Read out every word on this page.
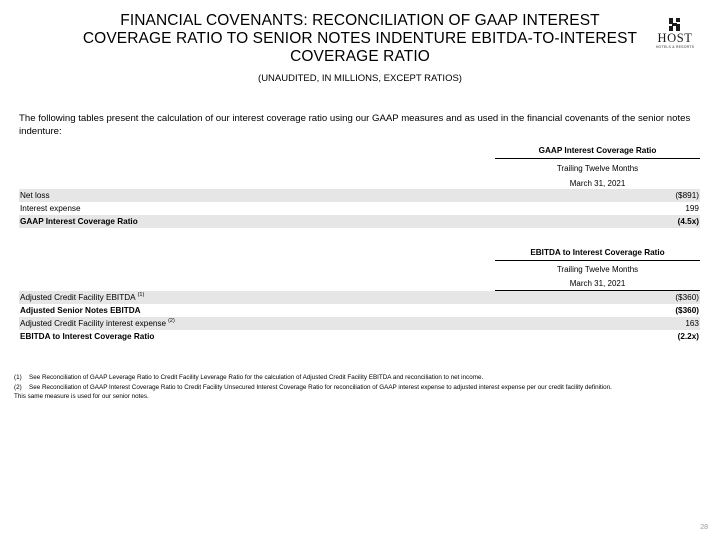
FINANCIAL COVENANTS: RECONCILIATION OF GAAP INTEREST COVERAGE RATIO TO SENIOR NOTES INDENTURE EBITDA-TO-INTEREST COVERAGE RATIO
(UNAUDITED, IN MILLIONS, EXCEPT RATIOS)
HOST
HOTELS & RESORTS
The following tables present the calculation of our interest coverage ratio using our GAAP measures and as used in the financial covenants of the senior notes indenture:
GAAP Interest Coverage Ratio
Trailing Twelve Months
March 31, 2021
Net loss	($891)
Interest expense	199
GAAP Interest Coverage Ratio	(4.5x)
EBITDA to Interest Coverage Ratio
Trailing Twelve Months
March 31, 2021
Adjusted Credit Facility EBITDA $^{(1)}$	($360)
Adjusted Senior Notes EBITDA	($360)
Adjusted Credit Facility interest expense $^{(2)}$	163
EBITDA to Interest Coverage Ratio	(2.2x)

(1) See Reconciliation of GAAP Leverage Ratio to Credit Facility Leverage Ratio for the calculation of Adjusted Credit Facility EBITDA and reconciliation to net income.

(2) See Reconciliation of GAAP Interest Coverage Ratio to Credit Facility Unsecured Interest Coverage Ratio for reconciliation of GAAP interest expense to adjusted interest expense per our credit facility definition.

This same measure is used for our senior notes.

28
